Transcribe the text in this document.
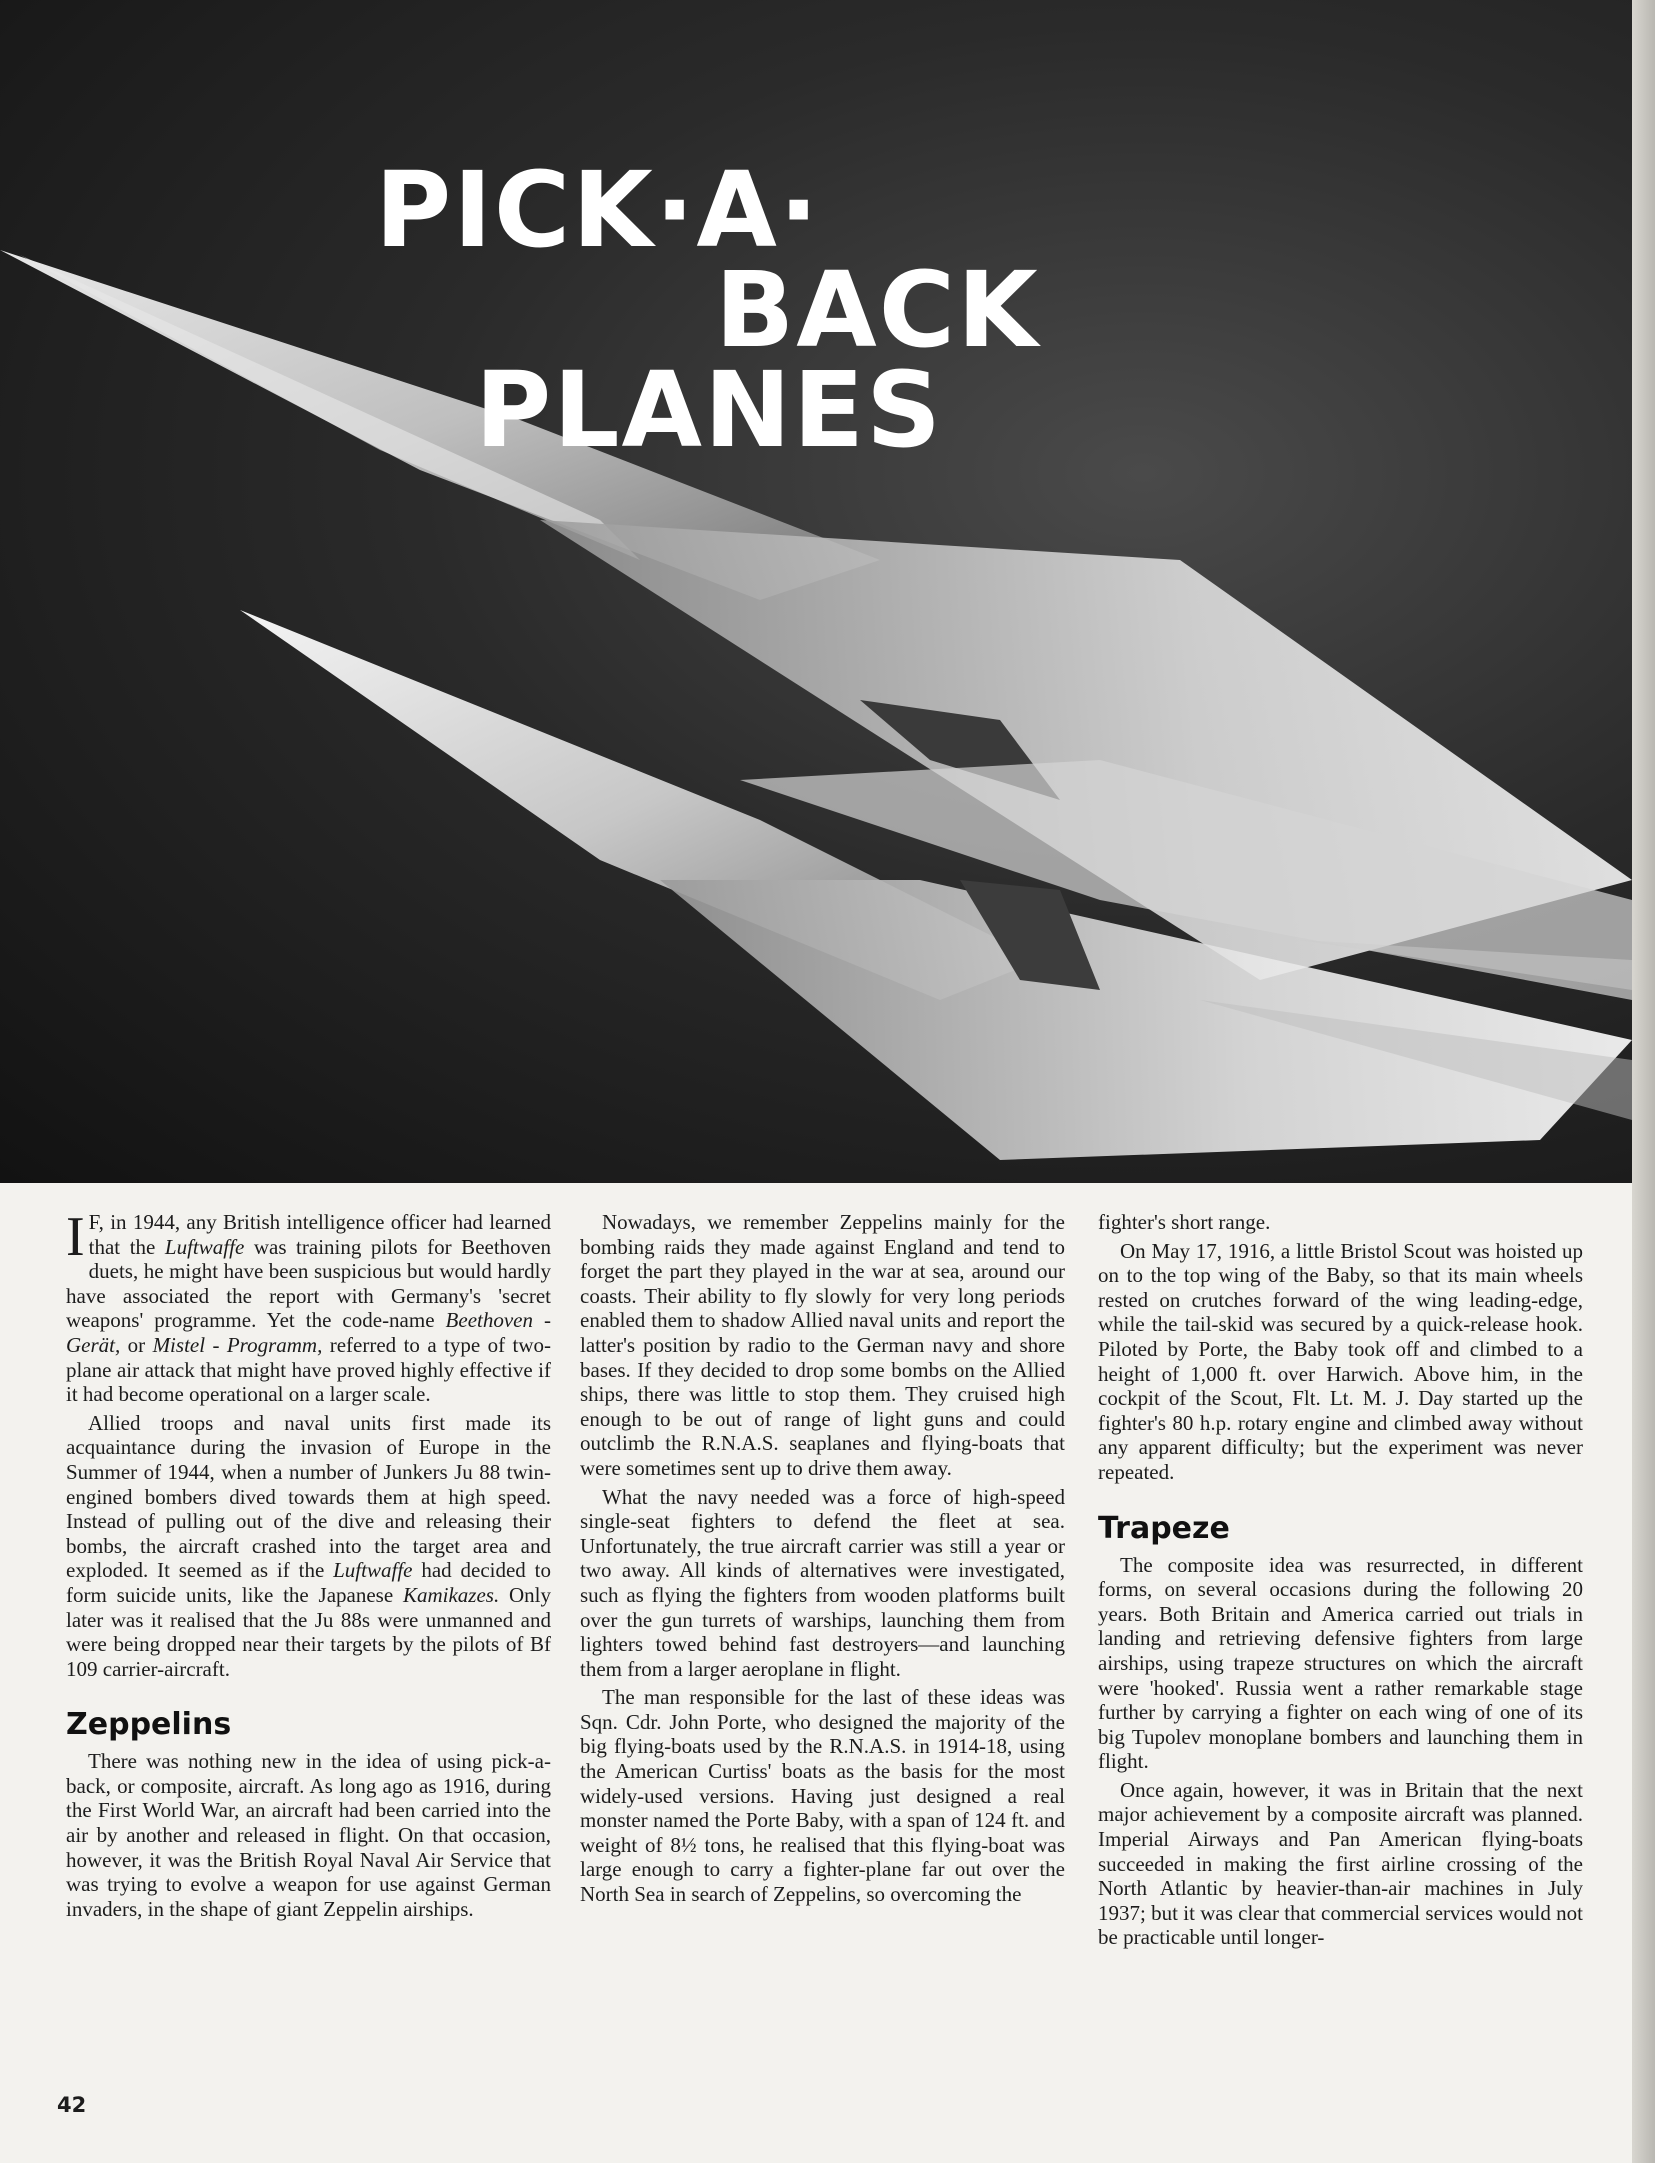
PICK·A·
BACK
PLANES

I F, in 1944, any British intelligence officer had learned that the Luftwaffe was training pilots for Beethoven duets, he might have been suspicious but would hardly have associated the report with Germany's 'secret weapons' programme. Yet the code-name Beethoven - Gerät, or Mistel - Programm, referred to a type of two-plane air attack that might have proved highly effective if it had become operational on a larger scale.

Allied troops and naval units first made its acquaintance during the invasion of Europe in the Summer of 1944, when a number of Junkers Ju 88 twin-engined bombers dived towards them at high speed. Instead of pulling out of the dive and releasing their bombs, the aircraft crashed into the target area and exploded. It seemed as if the Luftwaffe had decided to form suicide units, like the Japanese Kamikazes. Only later was it realised that the Ju 88s were unmanned and were being dropped near their targets by the pilots of Bf 109 carrier-aircraft.

Zeppelins

There was nothing new in the idea of using pick-a-back, or composite, aircraft. As long ago as 1916, during the First World War, an aircraft had been carried into the air by another and released in flight. On that occasion, however, it was the British Royal Naval Air Service that was trying to evolve a weapon for use against German invaders, in the shape of giant Zeppelin airships.

Nowadays, we remember Zeppelins mainly for the bombing raids they made against England and tend to forget the part they played in the war at sea, around our coasts. Their ability to fly slowly for very long periods enabled them to shadow Allied naval units and report the latter's position by radio to the German navy and shore bases. If they decided to drop some bombs on the Allied ships, there was little to stop them. They cruised high enough to be out of range of light guns and could outclimb the R.N.A.S. seaplanes and flying-boats that were sometimes sent up to drive them away.

What the navy needed was a force of high-speed single-seat fighters to defend the fleet at sea. Unfortunately, the true aircraft carrier was still a year or two away. All kinds of alternatives were investigated, such as flying the fighters from wooden platforms built over the gun turrets of warships, launching them from lighters towed behind fast destroyers—and launching them from a larger aeroplane in flight.

The man responsible for the last of these ideas was Sqn. Cdr. John Porte, who designed the majority of the big flying-boats used by the R.N.A.S. in 1914-18, using the American Curtiss' boats as the basis for the most widely-used versions. Having just designed a real monster named the Porte Baby, with a span of 124 ft. and weight of 8½ tons, he realised that this flying-boat was large enough to carry a fighter-plane far out over the North Sea in search of Zeppelins, so overcoming the

fighter's short range.

On May 17, 1916, a little Bristol Scout was hoisted up on to the top wing of the Baby, so that its main wheels rested on crutches forward of the wing leading-edge, while the tail-skid was secured by a quick-release hook. Piloted by Porte, the Baby took off and climbed to a height of 1,000 ft. over Harwich. Above him, in the cockpit of the Scout, Flt. Lt. M. J. Day started up the fighter's 80 h.p. rotary engine and climbed away without any apparent difficulty; but the experiment was never repeated.

Trapeze

The composite idea was resurrected, in different forms, on several occasions during the following 20 years. Both Britain and America carried out trials in landing and retrieving defensive fighters from large airships, using trapeze structures on which the aircraft were 'hooked'. Russia went a rather remarkable stage further by carrying a fighter on each wing of one of its big Tupolev monoplane bombers and launching them in flight.

Once again, however, it was in Britain that the next major achievement by a composite aircraft was planned. Imperial Airways and Pan American flying-boats succeeded in making the first airline crossing of the North Atlantic by heavier-than-air machines in July 1937; but it was clear that commercial services would not be practicable until longer-

42
